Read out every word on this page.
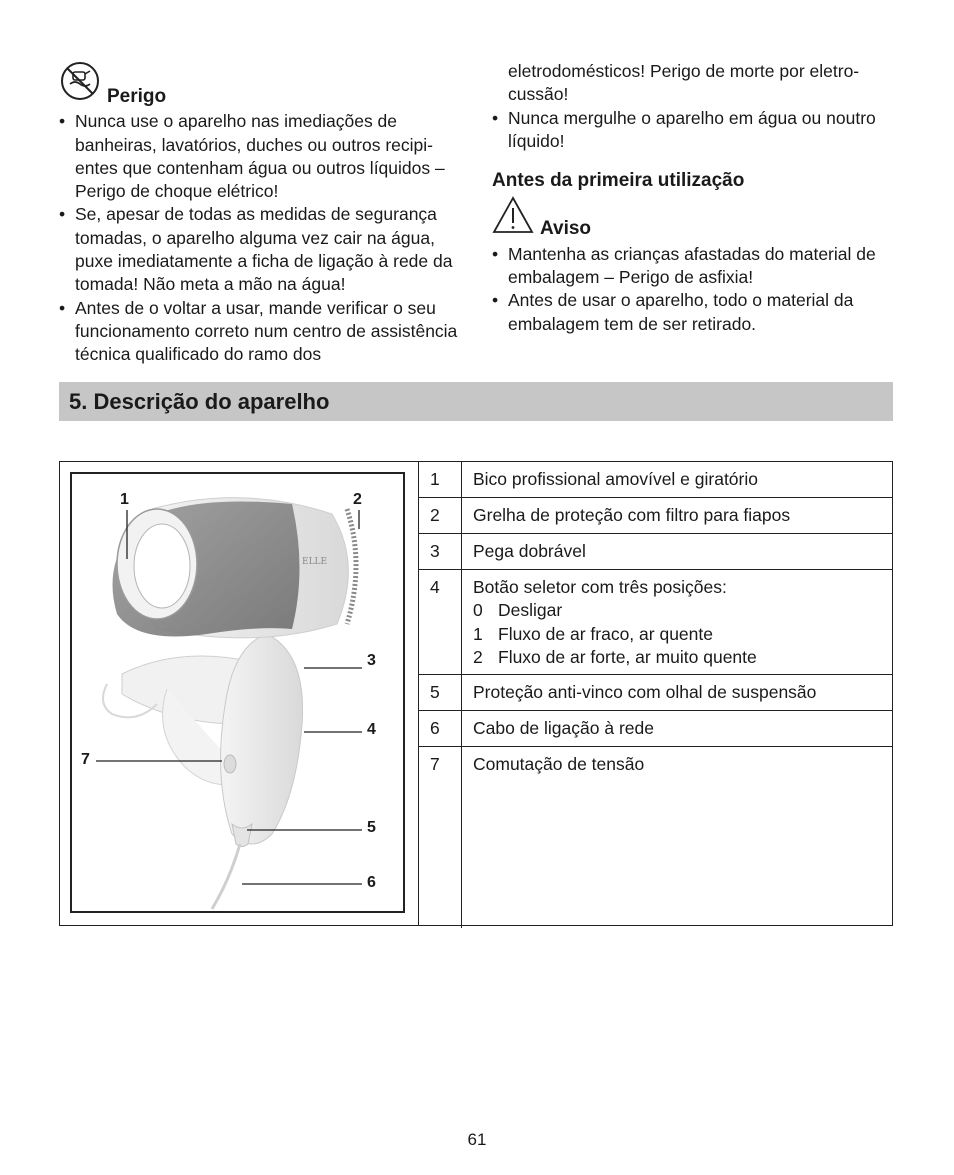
Perigo
• Nunca use o aparelho nas imediações de banheiras, lavatórios, duches ou outros recipi-entes que contenham água ou outros líquidos – Perigo de choque elétrico!
• Se, apesar de todas as medidas de segurança tomadas, o aparelho alguma vez cair na água, puxe imediatamente a ficha de ligação à rede da tomada! Não meta a mão na água!
• Antes de o voltar a usar, mande verificar o seu funcionamento correto num centro de assistência técnica qualificado do ramo dos
eletrodomésticos! Perigo de morte por eletro-cussão!
• Nunca mergulhe o aparelho em água ou noutro líquido!
Antes da primeira utilização
Aviso
• Mantenha as crianças afastadas do material de embalagem – Perigo de asfixia!
• Antes de usar o aparelho, todo o material da embalagem tem de ser retirado.
5. Descrição do aparelho
ELLE
1	2
3
4
7
5
6
1	Bico profissional amovível e giratório
2	Grelha de proteção com filtro para fiapos
3	Pega dobrável
4	Botão seletor com três posições:
0 Desligar
1 Fluxo de ar fraco, ar quente
2 Fluxo de ar forte, ar muito quente
5	Proteção anti-vinco com olhal de suspensão
6	Cabo de ligação à rede
7	Comutação de tensão
61
